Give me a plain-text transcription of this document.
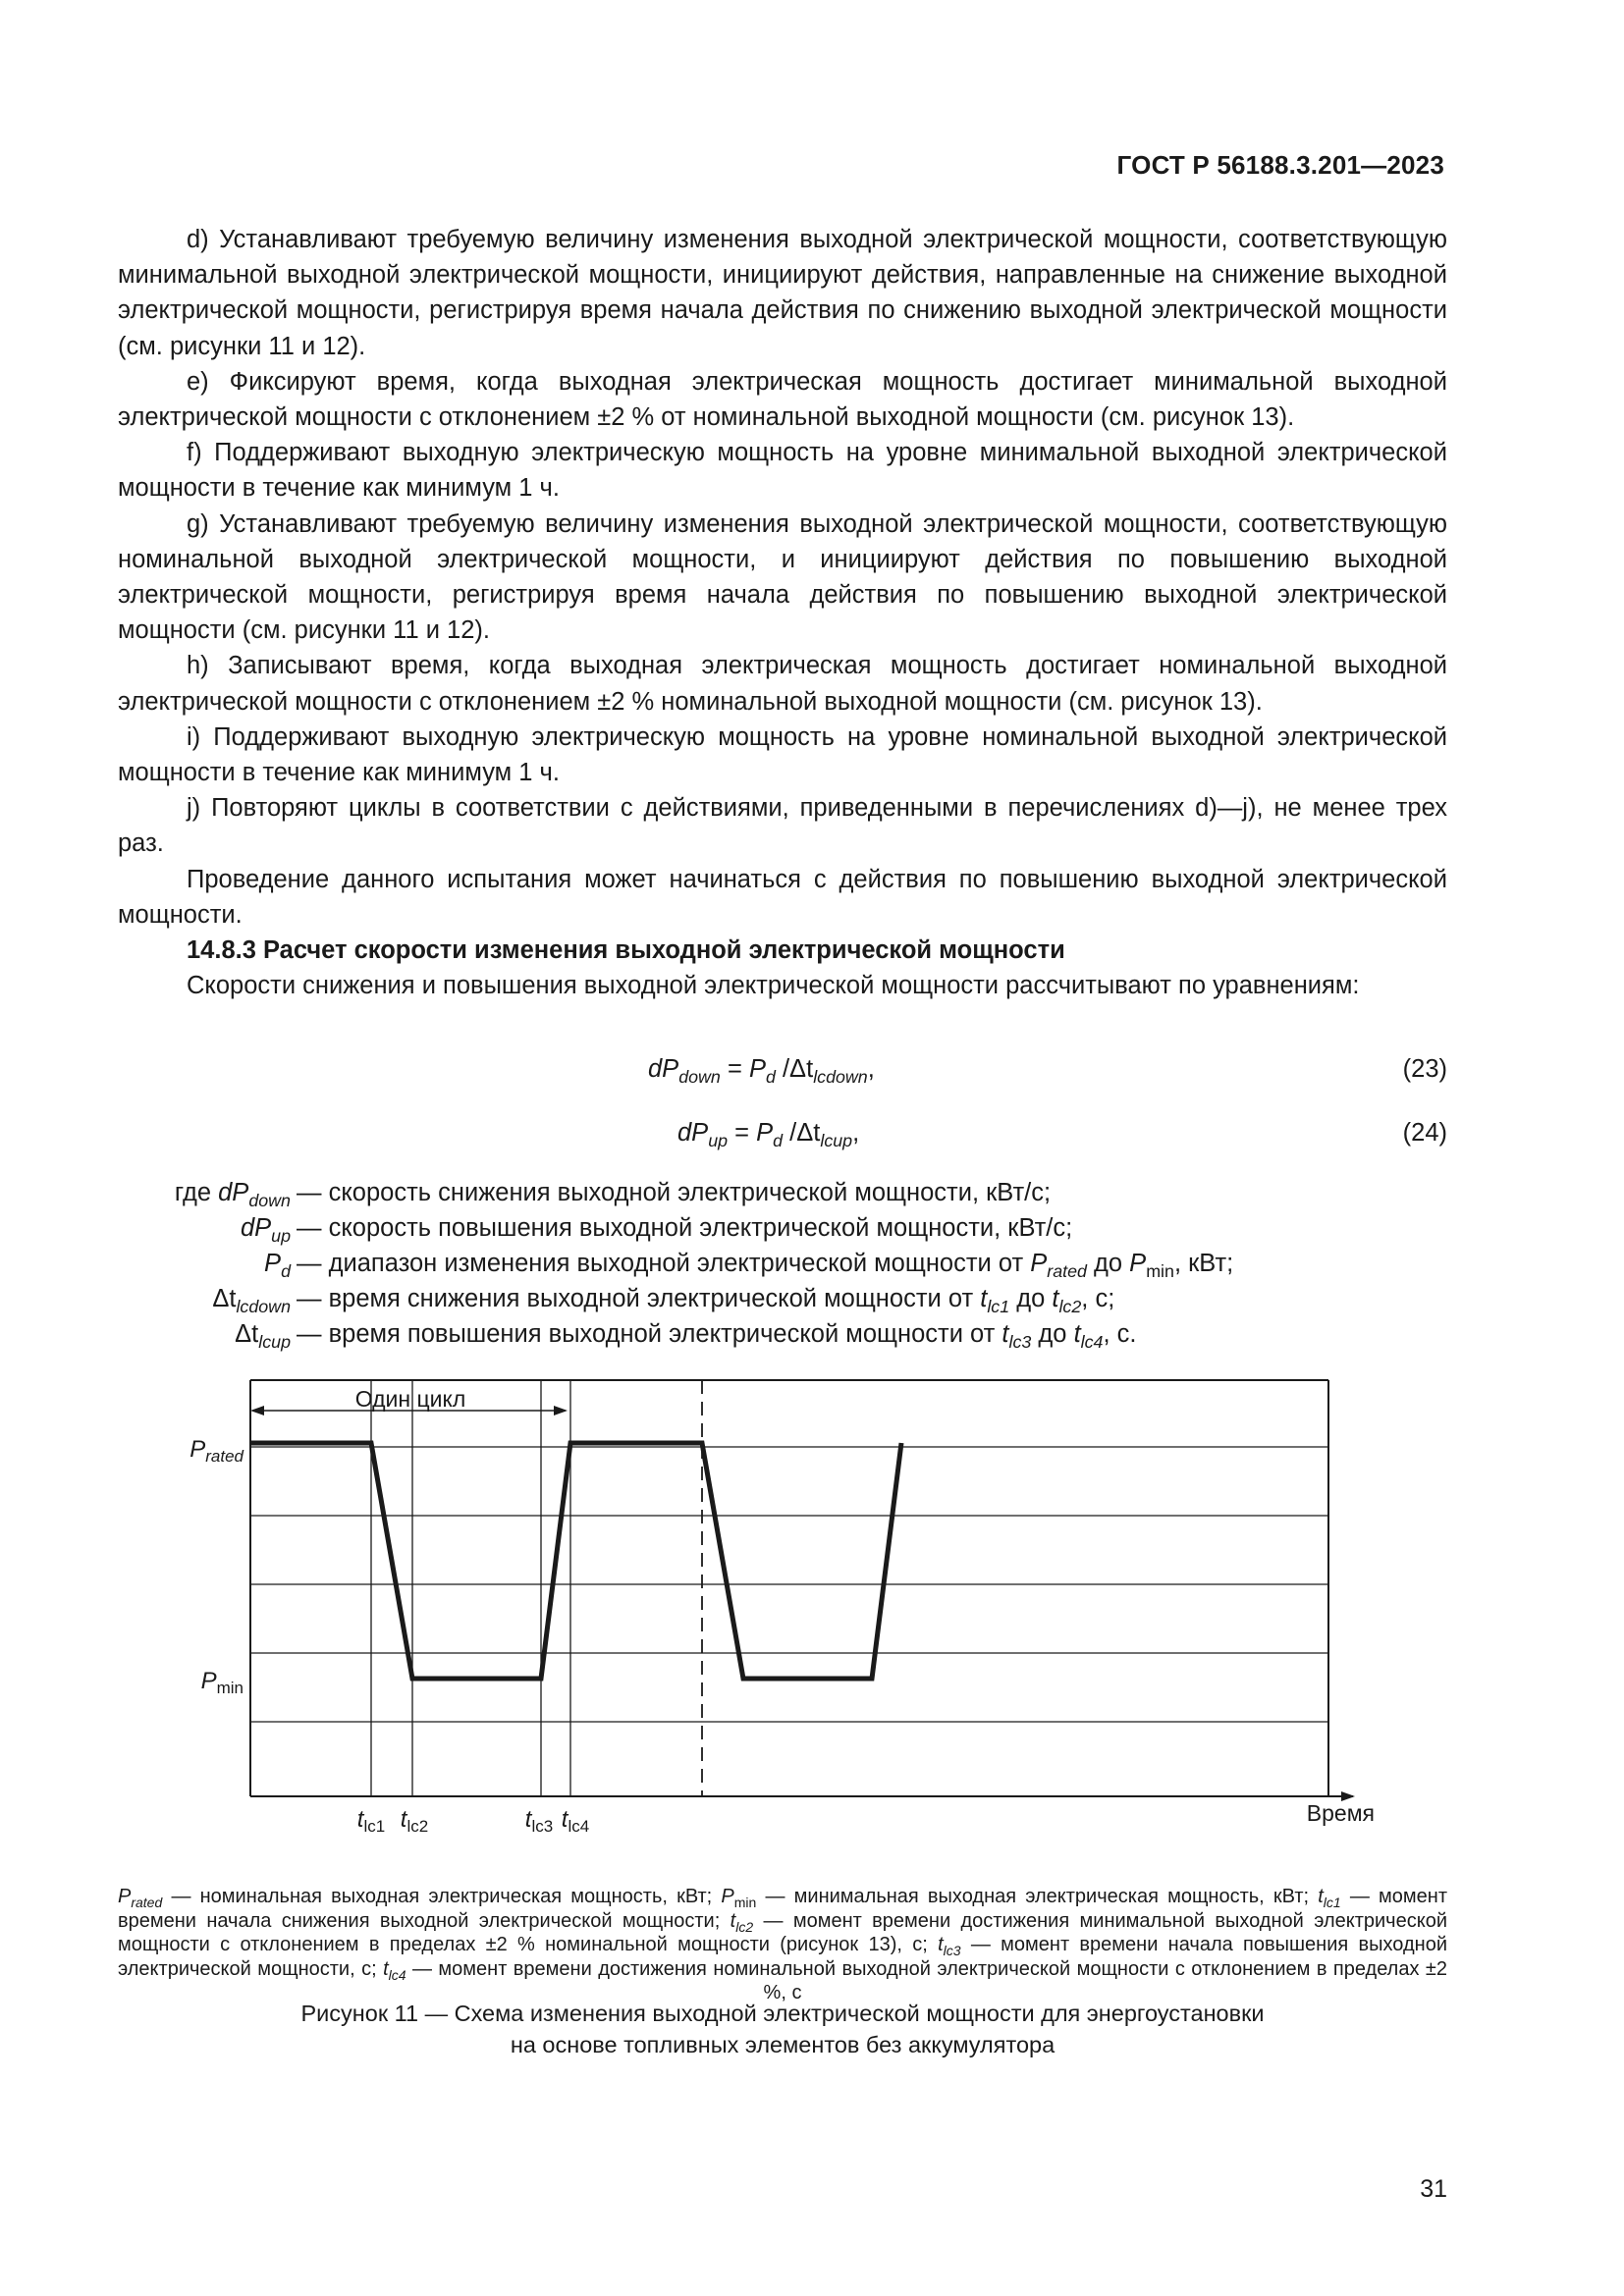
ГОСТ Р 56188.3.201—2023

d) Устанавливают требуемую величину изменения выходной электрической мощности, соответствующую минимальной выходной электрической мощности, инициируют действия, направленные на снижение выходной электрической мощности, регистрируя время начала действия по снижению выходной электрической мощности (см. рисунки 11 и 12).

e) Фиксируют время, когда выходная электрическая мощность достигает минимальной выходной электрической мощности с отклонением ±2 % от номинальной выходной мощности (см. рисунок 13).

f) Поддерживают выходную электрическую мощность на уровне минимальной выходной электрической мощности в течение как минимум 1 ч.

g) Устанавливают требуемую величину изменения выходной электрической мощности, соответствующую номинальной выходной электрической мощности, и инициируют действия по повышению выходной электрической мощности, регистрируя время начала действия по повышению выходной электрической мощности (см. рисунки 11 и 12).

h) Записывают время, когда выходная электрическая мощность достигает номинальной выходной электрической мощности с отклонением ±2 % номинальной выходной мощности (см. рисунок 13).

i) Поддерживают выходную электрическую мощность на уровне номинальной выходной электрической мощности в течение как минимум 1 ч.

j) Повторяют циклы в соответствии с действиями, приведенными в перечислениях d)—j), не менее трех раз.

Проведение данного испытания может начинаться с действия по повышению выходной электрической мощности.

14.8.3 Расчет скорости изменения выходной электрической мощности

Скорости снижения и повышения выходной электрической мощности рассчитывают по уравнениям:

$dP_{down} = P_d$ $/\Delta t_{lcdown}$,	(23)
$dP_{up} = P_d$ $/\Delta t_{lcup}$,	(24)
где $dP_{down}$ — скорость снижения выходной электрической мощности, кВт/с;
$dP_{up}$ — скорость повышения выходной электрической мощности, кВт/с;
$P_d$ — диапазон изменения выходной электрической мощности от $P_{rated}$ до $P_{min}$, кВт;
$\Delta t_{lcdown}$ — время снижения выходной электрической мощности от $t_{lc1}$ до $t_{lc2}$, с;
$\Delta t_{lcup}$ — время повышения выходной электрической мощности от $t_{lc3}$ до $t_{lc4}$, с.
Один цикл
$P_{rated}$
$P_{min}$
$t_{lc1}$ $t_{lc2}$	$t_{lc3}$ $t_{lc4}$
Время
$P_{rated}$ — номинальная выходная электрическая мощность, кВт; $P_{min}$ — минимальная выходная электрическая мощность, кВт; $t_{lc1}$ — момент времени начала снижения выходной электрической мощности; $t_{lc2}$ — момент времени достижения минимальной выходной электрической мощности с отклонением в пределах ±2 % номинальной мощности (рисунок 13), с; $t_{lc3}$ — момент времени начала повышения выходной электрической мощности, с; $t_{lc4}$ — момент времени достижения номинальной выходной электрической мощности с отклонением в пределах ±2 %, с
Рисунок 11 — Схема изменения выходной электрической мощности для энергоустановки
на основе топливных элементов без аккумулятора
31
